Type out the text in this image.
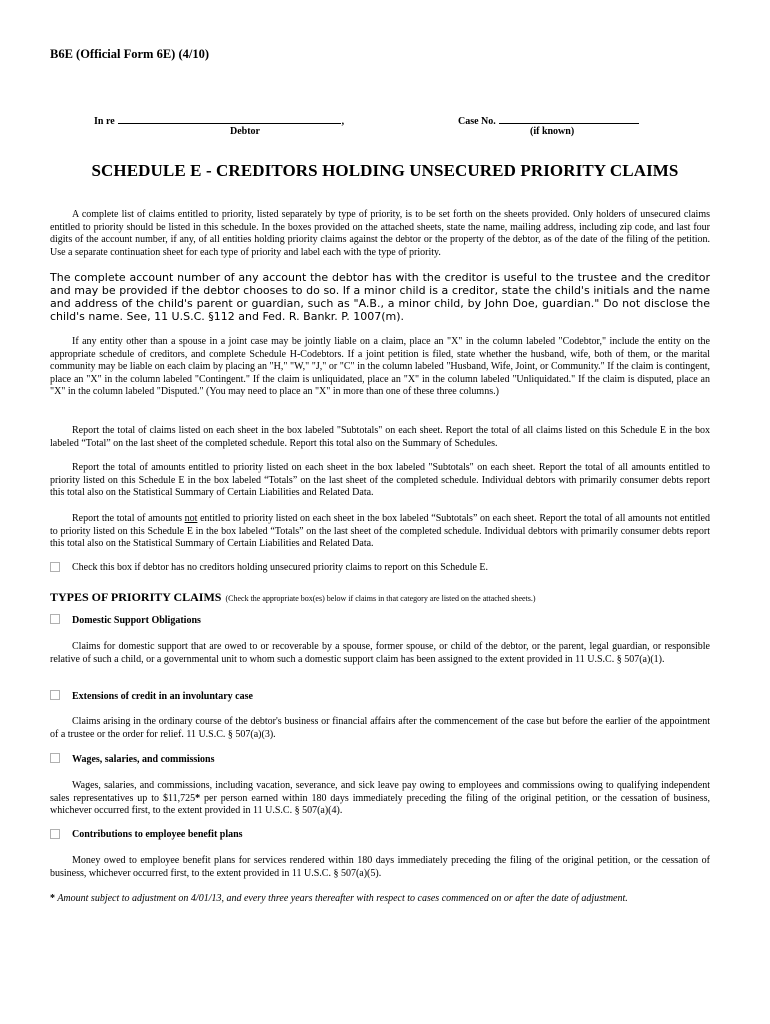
B6E (Official Form 6E) (4/10)
In re	,
Debtor
Case No.
(if known)
SCHEDULE E - CREDITORS HOLDING UNSECURED PRIORITY CLAIMS

A complete list of claims entitled to priority, listed separately by type of priority, is to be set forth on the sheets provided. Only holders of unsecured claims entitled to priority should be listed in this schedule. In the boxes provided on the attached sheets, state the name, mailing address, including zip code, and last four digits of the account number, if any, of all entities holding priority claims against the debtor or the property of the debtor, as of the date of the filing of the petition. Use a separate continuation sheet for each type of priority and label each with the type of priority.

The complete account number of any account the debtor has with the creditor is useful to the trustee and the creditor and may be provided if the debtor chooses to do so. If a minor child is a creditor, state the child's initials and the name and address of the child's parent or guardian, such as "A.B., a minor child, by John Doe, guardian." Do not disclose the child's name. See, 11 U.S.C. §112 and Fed. R. Bankr. P. 1007(m).

If any entity other than a spouse in a joint case may be jointly liable on a claim, place an "X" in the column labeled "Codebtor," include the entity on the appropriate schedule of creditors, and complete Schedule H-Codebtors. If a joint petition is filed, state whether the husband, wife, both of them, or the marital community may be liable on each claim by placing an "H," "W," "J," or "C" in the column labeled "Husband, Wife, Joint, or Community." If the claim is contingent, place an "X" in the column labeled "Contingent." If the claim is unliquidated, place an "X" in the column labeled "Unliquidated." If the claim is disputed, place an "X" in the column labeled "Disputed." (You may need to place an "X" in more than one of these three columns.)

Report the total of claims listed on each sheet in the box labeled "Subtotals" on each sheet. Report the total of all claims listed on this Schedule E in the box labeled “Total” on the last sheet of the completed schedule. Report this total also on the Summary of Schedules.

Report the total of amounts entitled to priority listed on each sheet in the box labeled "Subtotals" on each sheet. Report the total of all amounts entitled to priority listed on this Schedule E in the box labeled “Totals” on the last sheet of the completed schedule. Individual debtors with primarily consumer debts report this total also on the Statistical Summary of Certain Liabilities and Related Data.

Report the total of amounts not entitled to priority listed on each sheet in the box labeled “Subtotals” on each sheet. Report the total of all amounts not entitled to priority listed on this Schedule E in the box labeled “Totals” on the last sheet of the completed schedule. Individual debtors with primarily consumer debts report this total also on the Statistical Summary of Certain Liabilities and Related Data.

Check this box if debtor has no creditors holding unsecured priority claims to report on this Schedule E.
TYPES OF PRIORITY CLAIMS (Check the appropriate box(es) below if claims in that category are listed on the attached sheets.)
Domestic Support Obligations

Claims for domestic support that are owed to or recoverable by a spouse, former spouse, or child of the debtor, or the parent, legal guardian, or responsible relative of such a child, or a governmental unit to whom such a domestic support claim has been assigned to the extent provided in 11 U.S.C. § 507(a)(1).

Extensions of credit in an involuntary case

Claims arising in the ordinary course of the debtor's business or financial affairs after the commencement of the case but before the earlier of the appointment of a trustee or the order for relief. 11 U.S.C. § 507(a)(3).

Wages, salaries, and commissions

Wages, salaries, and commissions, including vacation, severance, and sick leave pay owing to employees and commissions owing to qualifying independent sales representatives up to $11,725* per person earned within 180 days immediately preceding the filing of the original petition, or the cessation of business, whichever occurred first, to the extent provided in 11 U.S.C. § 507(a)(4).

Contributions to employee benefit plans

Money owed to employee benefit plans for services rendered within 180 days immediately preceding the filing of the original petition, or the cessation of business, whichever occurred first, to the extent provided in 11 U.S.C. § 507(a)(5).

* Amount subject to adjustment on 4/01/13, and every three years thereafter with respect to cases commenced on or after the date of adjustment.
